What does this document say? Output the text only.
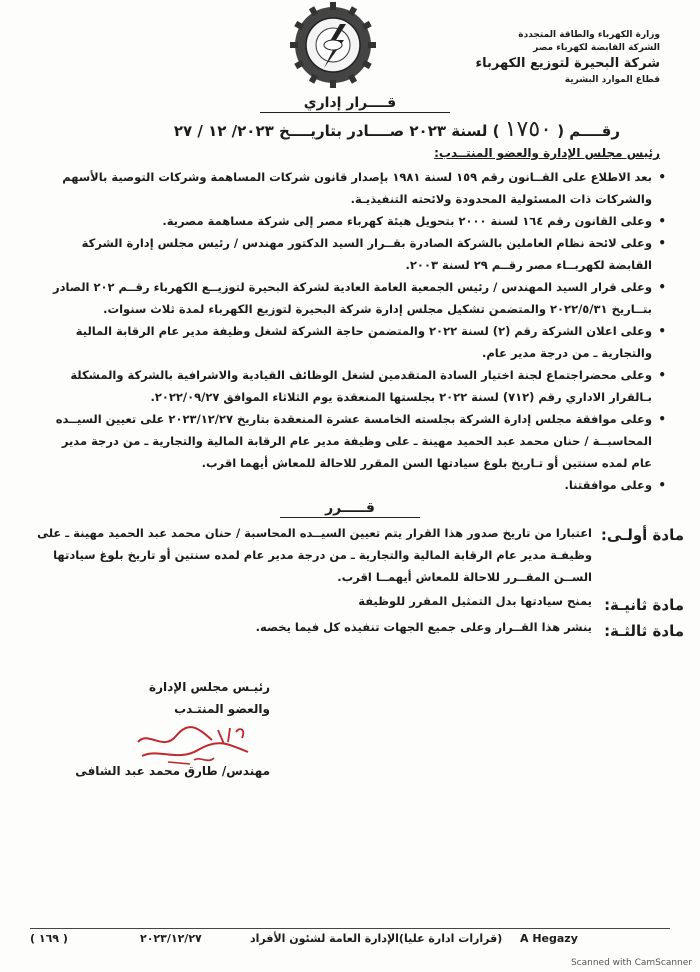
وزارة الكهرباء والطاقة المتجددة
الشركة القابضة لكهرباء مصر
شركة البحيرة لتوزيع الكهرباء
قطاع الموارد البشرية
قــــرار إداري
رقــــم ( ١٧٥٠ ) لسنة ٢٠٢٣ صــــادر بتاريــــخ ٢٠٢٣/ ١٢ / ٢٧
رئيس مجلس الإدارة والعضو المنتــدب:
•
بعد الاطلاع على القــانون رقم ١٥٩ لسنة ١٩٨١ بإصدار قانون شركات المساهمة وشركات التوصية بالأسهم والشركات ذات المسئولية المحدودة ولائحته التنفيذيـة.
•
وعلى القانون رقم ١٦٤ لسنة ٢٠٠٠ بتحويل هيئة كهرباء مصر إلى شركة مساهمة مصرية.
•
وعلى لائحة نظام العاملين بالشركة الصادرة بقــرار السيد الدكتور مهندس / رئيس مجلس إدارة الشركة القابضة لكهربــاء مصر رقــم ٢٩ لسنة ٢٠٠٣.
•
وعلى قرار السيد المهندس / رئيس الجمعية العامة العادية لشركة البحيرة لتوزيــع الكهرباء رقــم ٢٠٢ الصادر بتــاريخ ٢٠٢٢/٥/٣١ والمتضمن تشكيل مجلس إدارة شركة البحيرة لتوزيع الكهرباء لمدة ثلاث سنوات.
•
وعلى اعلان الشركة رقم (٢) لسنة ٢٠٢٢ والمتضمن حاجة الشركة لشغل وظيفة مدير عام الرقابة المالية والتجارية ـ من درجة مدير عام.
•
وعلى محضراجتماع لجنة اختيار السادة المتقدمين لشغل الوظائف القيادية والاشرافية بالشركة والمشكلة بـالقرار الاداري رقم (٧١٢) لسنة ٢٠٢٢ بجلستها المنعقدة يوم الثلاثاء الموافق ٢٠٢٢/٠٩/٢٧.
•
وعلى موافقة مجلس إدارة الشركة بجلسته الخامسة عشرة المنعقدة بتاريخ ٢٠٢٣/١٢/٢٧ على تعيين السيــده المحاسبــة / حنان محمد عبد الحميد مهينة ـ على وظيفة مدير عام الرقابة المالية والتجارية ـ من درجة مدير عام لمده سنتين أو تـاريخ بلوغ سيادتها السن المقرر للاحالة للمعاش أيهما اقرب.
•
وعلى موافقتنا.
قـــــرر
مادة أولـى:
اعتبارا من تاريخ صدور هذا القرار يتم تعيين السيــده المحاسبة / حنان محمد عبد الحميد مهينة ـ على وظيفـة مدير عام الرقابة المالية والتجارية ـ من درجة مدير عام لمده سنتين أو تاريخ بلوغ سيادتها الســن المقــرر للاحالة للمعاش أيهمــا اقرب.
مادة ثانيـة:
يمنح سيادتها بدل التمثيل المقرر للوظيفة
مادة ثالثـة:
ينشر هذا القــرار وعلى جميع الجهات تنفيذه كل فيما يخصه.
رئيـس مجلس الإدارة
والعضو المنتـدب
مهندس/ طارق محمد عبد الشافى
( ١٦٩ )	٢٠٢٣/١٢/٢٧	(قرارات ادارة عليا)الإدارة العامة لشئون الأفراد A Hegazy
Scanned with CamScanner
